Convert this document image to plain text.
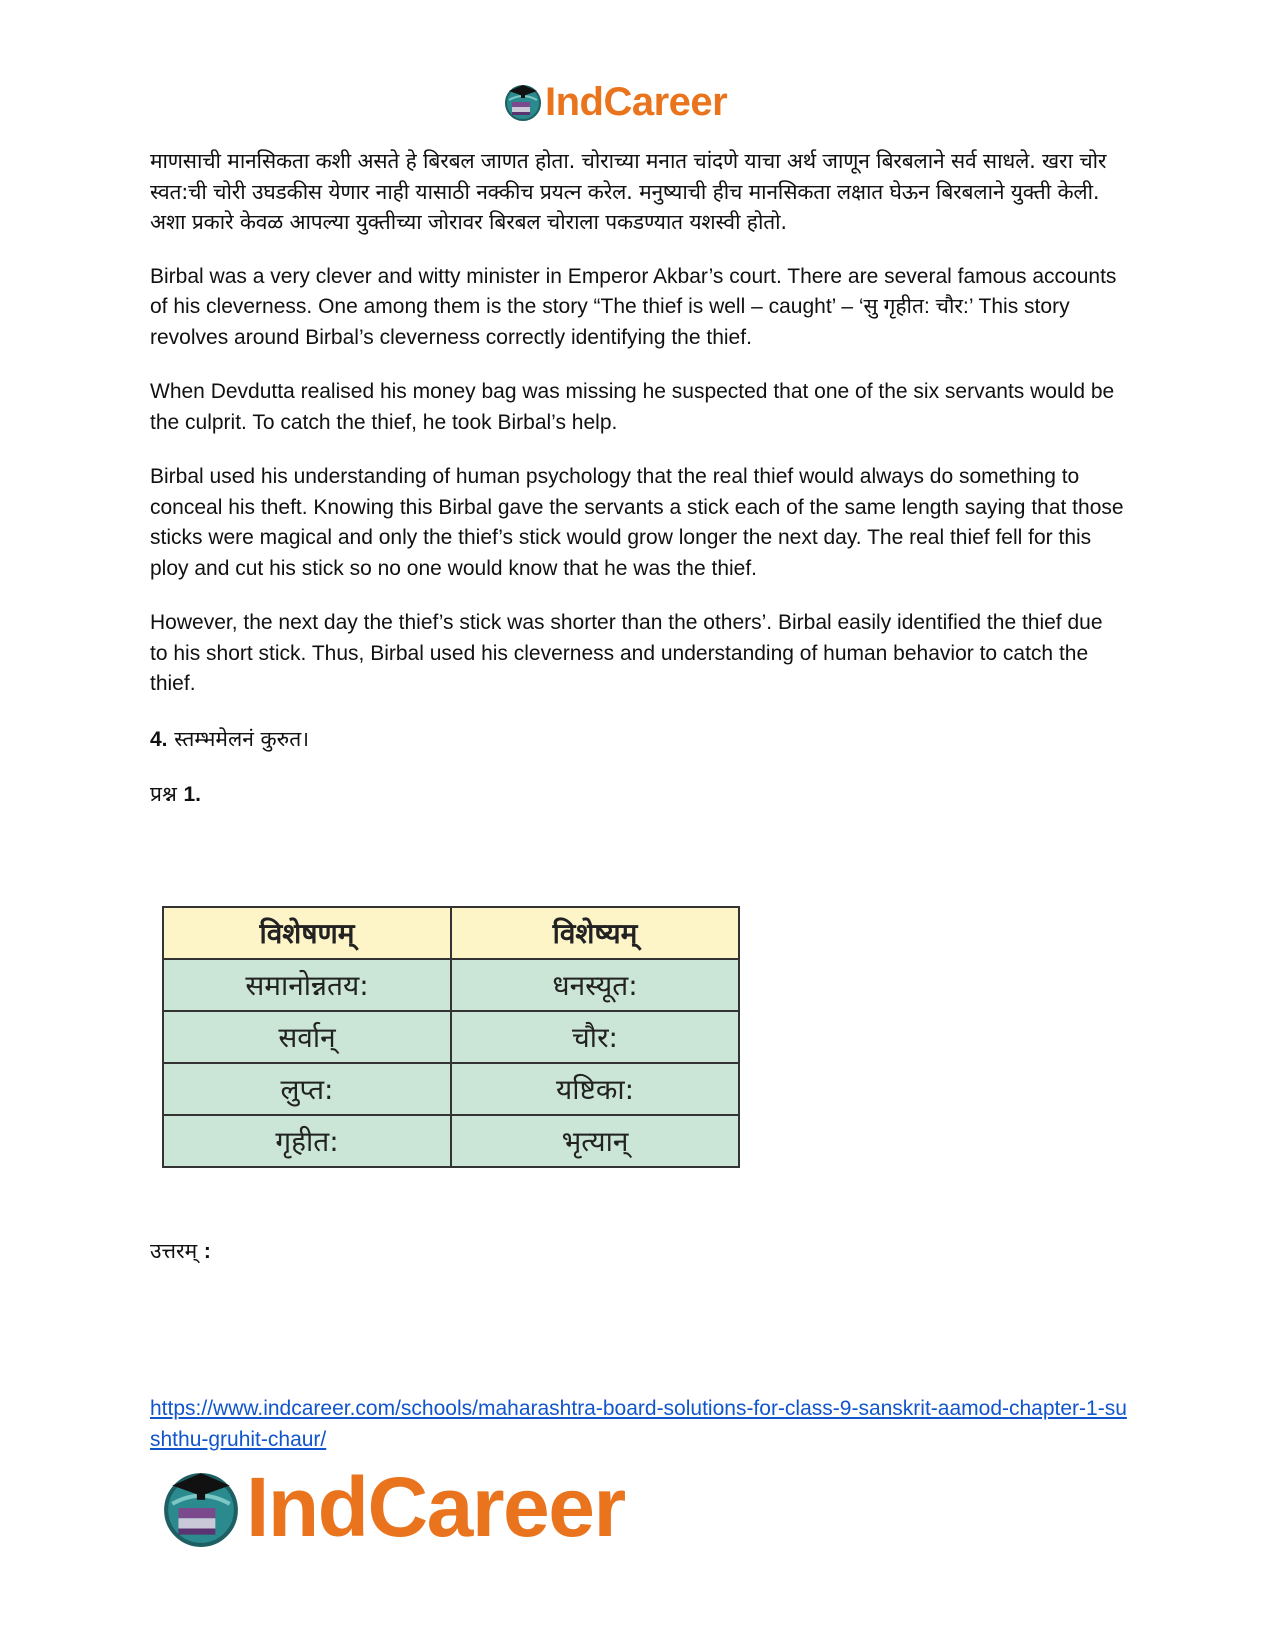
IndCareer

माणसाची मानसिकता कशी असते हे बिरबल जाणत होता. चोराच्या मनात चांदणे याचा अर्थ जाणून बिरबलाने सर्व साधले. खरा चोर स्वत:ची चोरी उघडकीस येणार नाही यासाठी नक्कीच प्रयत्न करेल. मनुष्याची हीच मानसिकता लक्षात घेऊन बिरबलाने युक्ती केली. अशा प्रकारे केवळ आपल्या युक्तीच्या जोरावर बिरबल चोराला पकडण्यात यशस्वी होतो.

Birbal was a very clever and witty minister in Emperor Akbar’s court. There are several famous accounts of his cleverness. One among them is the story “The thief is well – caught’ – ‘सु गृहीत: चौर:’ This story revolves around Birbal’s cleverness correctly identifying the thief.

When Devdutta realised his money bag was missing he suspected that one of the six servants would be the culprit. To catch the thief, he took Birbal’s help.

Birbal used his understanding of human psychology that the real thief would always do something to conceal his theft. Knowing this Birbal gave the servants a stick each of the same length saying that those sticks were magical and only the thief’s stick would grow longer the next day. The real thief fell for this ploy and cut his stick so no one would know that he was the thief.

However, the next day the thief’s stick was shorter than the others’. Birbal easily identified the thief due to his short stick. Thus, Birbal used his cleverness and understanding of human behavior to catch the thief.

4. स्तम्भमेलनं कुरुत।

प्रश्न 1.

विशेषणम्	विशेष्यम्
समानोन्नतय:	धनस्यूत:
सर्वान्	चौर:
लुप्त:	यष्टिका:
गृहीत:	भृत्यान्
उत्तरम् :
https://www.indcareer.com/schools/maharashtra-board-solutions-for-class-9-sanskrit-aamod-chapter-1-sushthu-gruhit-chaur/
IndCareer
